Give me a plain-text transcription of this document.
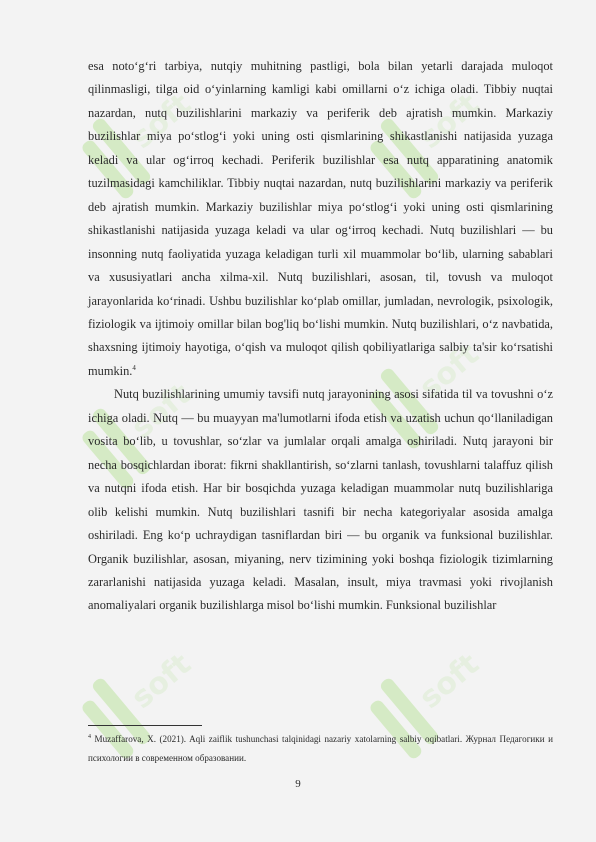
soft	soft
soft
soft
soft	soft

esa noto‘g‘ri tarbiya, nutqiy muhitning pastligi, bola bilan yetarli darajada muloqot qilinmasligi, tilga oid o‘yinlarning kamligi kabi omillarni o‘z ichiga oladi. Tibbiy nuqtai nazardan, nutq buzilishlarini markaziy va periferik deb ajratish mumkin. Markaziy buzilishlar miya po‘stlog‘i yoki uning osti qismlarining shikastlanishi natijasida yuzaga keladi va ular og‘irroq kechadi. Periferik buzilishlar esa nutq apparatining anatomik tuzilmasidagi kamchiliklar. Tibbiy nuqtai nazardan, nutq buzilishlarini markaziy va periferik deb ajratish mumkin. Markaziy buzilishlar miya po‘stlog‘i yoki uning osti qismlarining shikastlanishi natijasida yuzaga keladi va ular og‘irroq kechadi. Nutq buzilishlari — bu insonning nutq faoliyatida yuzaga keladigan turli xil muammolar bo‘lib, ularning sabablari va xususiyatlari ancha xilma-xil. Nutq buzilishlari, asosan, til, tovush va muloqot jarayonlarida ko‘rinadi. Ushbu buzilishlar ko‘plab omillar, jumladan, nevrologik, psixologik, fiziologik va ijtimoiy omillar bilan bog'liq bo‘lishi mumkin. Nutq buzilishlari, o‘z navbatida, shaxsning ijtimoiy hayotiga, o‘qish va muloqot qilish qobiliyatlariga salbiy ta'sir ko‘rsatishi mumkin.$^4$

Nutq buzilishlarining umumiy tavsifi nutq jarayonining asosi sifatida til va tovushni o‘z ichiga oladi. Nutq — bu muayyan ma'lumotlarni ifoda etish va uzatish uchun qo‘llaniladigan vosita bo‘lib, u tovushlar, so‘zlar va jumlalar orqali amalga oshiriladi. Nutq jarayoni bir necha bosqichlardan iborat: fikrni shakllantirish, so‘zlarni tanlash, tovushlarni talaffuz qilish va nutqni ifoda etish. Har bir bosqichda yuzaga keladigan muammolar nutq buzilishlariga olib kelishi mumkin. Nutq buzilishlari tasnifi bir necha kategoriyalar asosida amalga oshiriladi. Eng ko‘p uchraydigan tasniflardan biri — bu organik va funksional buzilishlar. Organik buzilishlar, asosan, miyaning, nerv tizimining yoki boshqa fiziologik tizimlarning zararlanishi natijasida yuzaga keladi. Masalan, insult, miya travmasi yoki rivojlanish anomaliyalari organik buzilishlarga misol bo‘lishi mumkin. Funksional buzilishlar

$^4$ Muzaffarova, X. (2021). Aqli zaiflik tushunchasi talqinidagi nazariy xatolarning salbiy oqibatlari. Журнал Педагогики и психологии в современном образовании.
9
